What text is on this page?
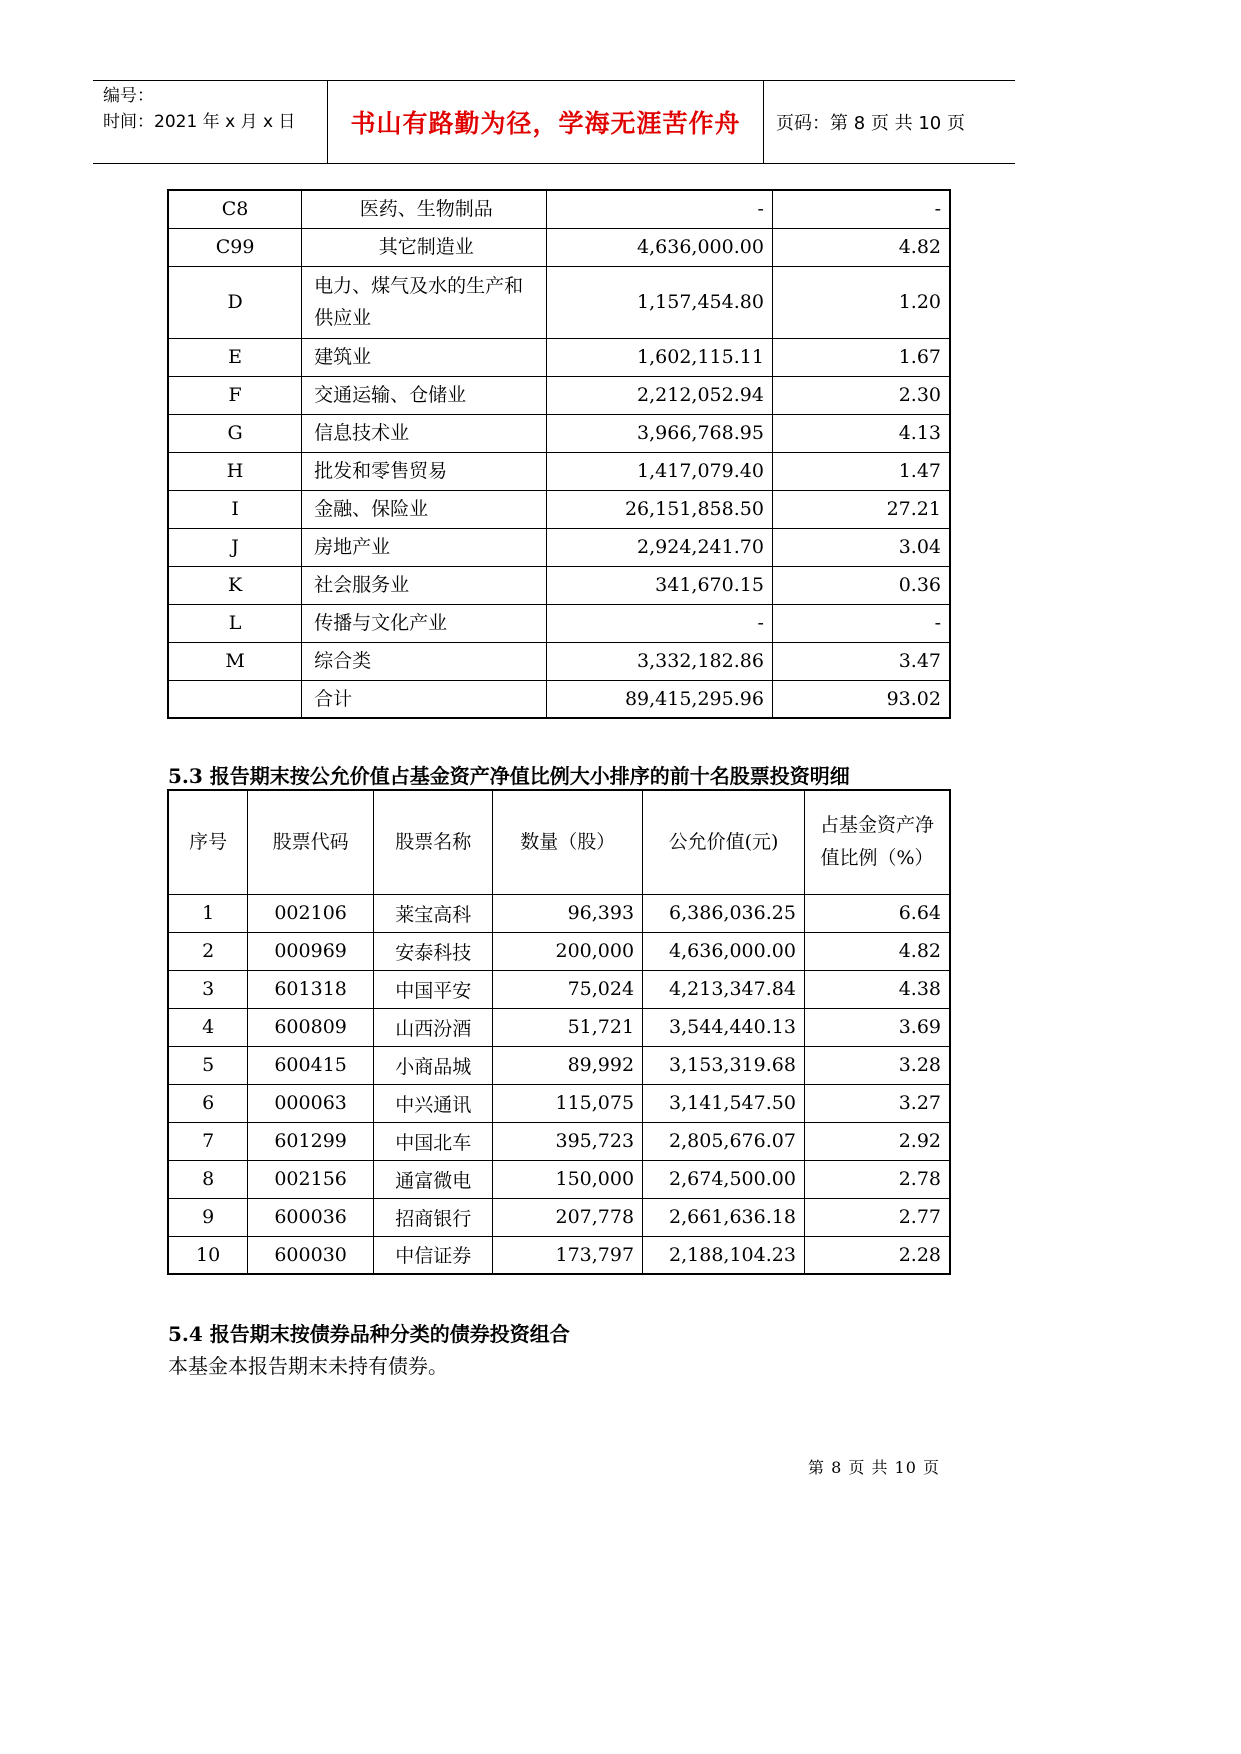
编号：
时间：2021 年 x 月 x 日	书山有路勤为径，学海无涯苦作舟	页码：第 8 页 共 10 页
C8	医药、生物制品	-	-
C99	其它制造业	4,636,000.00	4.82
D	电力、煤气及水的生产和供应业	1,157,454.80	1.20
E	建筑业	1,602,115.11	1.67
F	交通运输、仓储业	2,212,052.94	2.30
G	信息技术业	3,966,768.95	4.13
H	批发和零售贸易	1,417,079.40	1.47
I	金融、保险业	26,151,858.50	27.21
J	房地产业	2,924,241.70	3.04
K	社会服务业	341,670.15	0.36
L	传播与文化产业	-	-
M	综合类	3,332,182.86	3.47
	合计	89,415,295.96	93.02
5.3 报告期末按公允价值占基金资产净值比例大小排序的前十名股票投资明细
序号	股票代码	股票名称	数量（股）	公允价值(元)	占基金资产净值比例（%）
1	002106	莱宝高科	96,393	6,386,036.25	6.64
2	000969	安泰科技	200,000	4,636,000.00	4.82
3	601318	中国平安	75,024	4,213,347.84	4.38
4	600809	山西汾酒	51,721	3,544,440.13	3.69
5	600415	小商品城	89,992	3,153,319.68	3.28
6	000063	中兴通讯	115,075	3,141,547.50	3.27
7	601299	中国北车	395,723	2,805,676.07	2.92
8	002156	通富微电	150,000	2,674,500.00	2.78
9	600036	招商银行	207,778	2,661,636.18	2.77
10	600030	中信证券	173,797	2,188,104.23	2.28
5.4 报告期末按债券品种分类的债券投资组合
本基金本报告期末未持有债券。
第 8 页 共 10 页
